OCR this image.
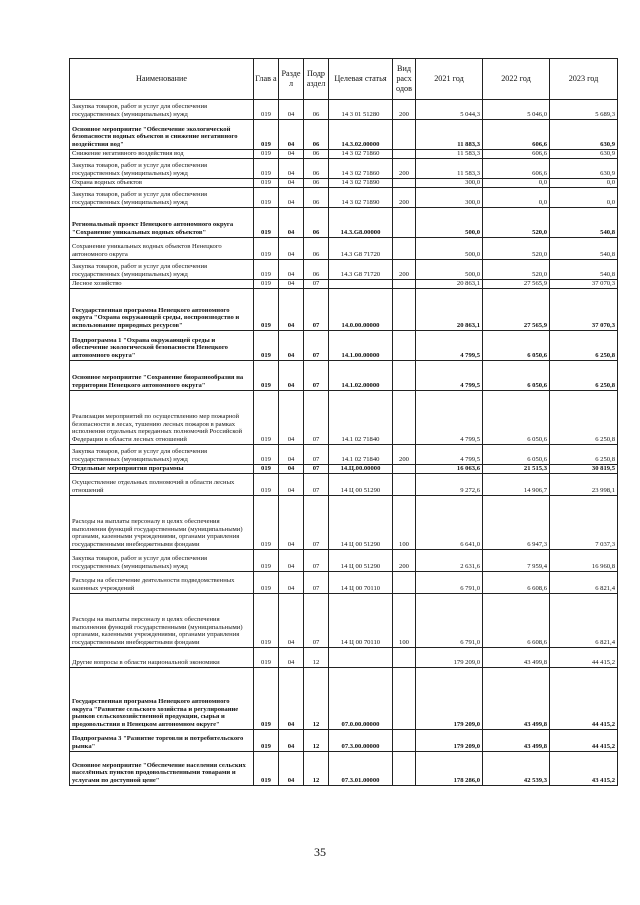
Наименование	Глав а	Разде л	Подр аздел	Целевая статья	Вид расх одов	2021 год	2022 год	2023 год
Закупка товаров, работ и услуг для обеспечения государственных (муниципальных) нужд	019	04	06	14 3 01 51280	200	5 044,3	5 046,0	5 689,3
Основное мероприятие "Обеспечение экологической безопасности водных объектов и снижение негативного воздействия вод"	019	04	06	14.3.02.00000		11 883,3	606,6	630,9
Снижение негативного воздействия вод	019	04	06	14 3 02 71860		11 583,3	606,6	630,9
Закупка товаров, работ и услуг для обеспечения государственных (муниципальных) нужд	019	04	06	14 3 02 71860	200	11 583,3	606,6	630,9
Охрана водных объектов	019	04	06	14 3 02 71890		300,0	0,0	0,0
Закупка товаров, работ и услуг для обеспечения государственных (муниципальных) нужд	019	04	06	14 3 02 71890	200	300,0	0,0	0,0
Региональный проект Ненецкого автономного округа "Сохранение уникальных водных объектов"	019	04	06	14.3.G8.00000		500,0	520,0	540,8
Сохранение уникальных водных объектов Ненецкого автономного округа	019	04	06	14.3 G8 71720		500,0	520,0	540,8
Закупка товаров, работ и услуг для обеспечения государственных (муниципальных) нужд	019	04	06	14.3 G8 71720	200	500,0	520,0	540,8
Лесное хозяйство	019	04	07			20 863,1	27 565,9	37 070,3
Государственная программа Ненецкого автономного округа "Охрана окружающей среды, воспроизводство и использование природных ресурсов"	019	04	07	14.0.00.00000		20 863,1	27 565,9	37 070,3
Подпрограмма 1 "Охрана окружающей среды и обеспечение экологической безопасности Ненецкого автономного округа"	019	04	07	14.1.00.00000		4 799,5	6 050,6	6 250,8
Основное мероприятие "Сохранение биоразнообразия на территории Ненецкого автономного округа"	019	04	07	14.1.02.00000		4 799,5	6 050,6	6 250,8
Реализация мероприятий по осуществлению мер пожарной безопасности в лесах, тушению лесных пожаров в рамках исполнения отдельных переданных полномочий Российской Федерации в области лесных отношений	019	04	07	14.1 02 71840		4 799,5	6 050,6	6 250,8
Закупка товаров, работ и услуг для обеспечения государственных (муниципальных) нужд	019	04	07	14.1 02 71840	200	4 799,5	6 050,6	6 250,8
Отдельные мероприятия программы	019	04	07	14.Ц.00.00000		16 063,6	21 515,3	30 819,5
Осуществление отдельных полномочий в области лесных отношений	019	04	07	14 Ц 00 51290		9 272,6	14 906,7	23 998,1
Расходы на выплаты персоналу в целях обеспечения выполнения функций государственными (муниципальными) органами, казенными учреждениями, органами управления государственными внебюджетными фондами	019	04	07	14 Ц 00 51290	100	6 641,0	6 947,3	7 037,3
Закупка товаров, работ и услуг для обеспечения государственных (муниципальных) нужд	019	04	07	14 Ц 00 51290	200	2 631,6	7 959,4	16 960,8
Расходы на обеспечение деятельности подведомственных казенных учреждений	019	04	07	14 Ц 00 70110		6 791,0	6 608,6	6 821,4
Расходы на выплаты персоналу в целях обеспечения выполнения функций государственными (муниципальными) органами, казенными учреждениями, органами управления государственными внебюджетными фондами	019	04	07	14 Ц 00 70110	100	6 791,0	6 608,6	6 821,4
Другие вопросы в области национальной экономики	019	04	12			179 209,0	43 499,8	44 415,2
Государственная программа Ненецкого автономного округа "Развитие сельского хозяйства и регулирование рынков сельскохозяйственной продукции, сырья и продовольствия в Ненецком автономном округе"	019	04	12	07.0.00.00000		179 209,0	43 499,8	44 415,2
Подпрограмма 3 "Развитие торговли и потребительского рынка"	019	04	12	07.3.00.00000		179 209,0	43 499,8	44 415,2
Основное мероприятие "Обеспечение населения сельских населённых пунктов продовольственными товарами и услугами по доступной цене"	019	04	12	07.3.01.00000		178 286,0	42 539,3	43 415,2
35
